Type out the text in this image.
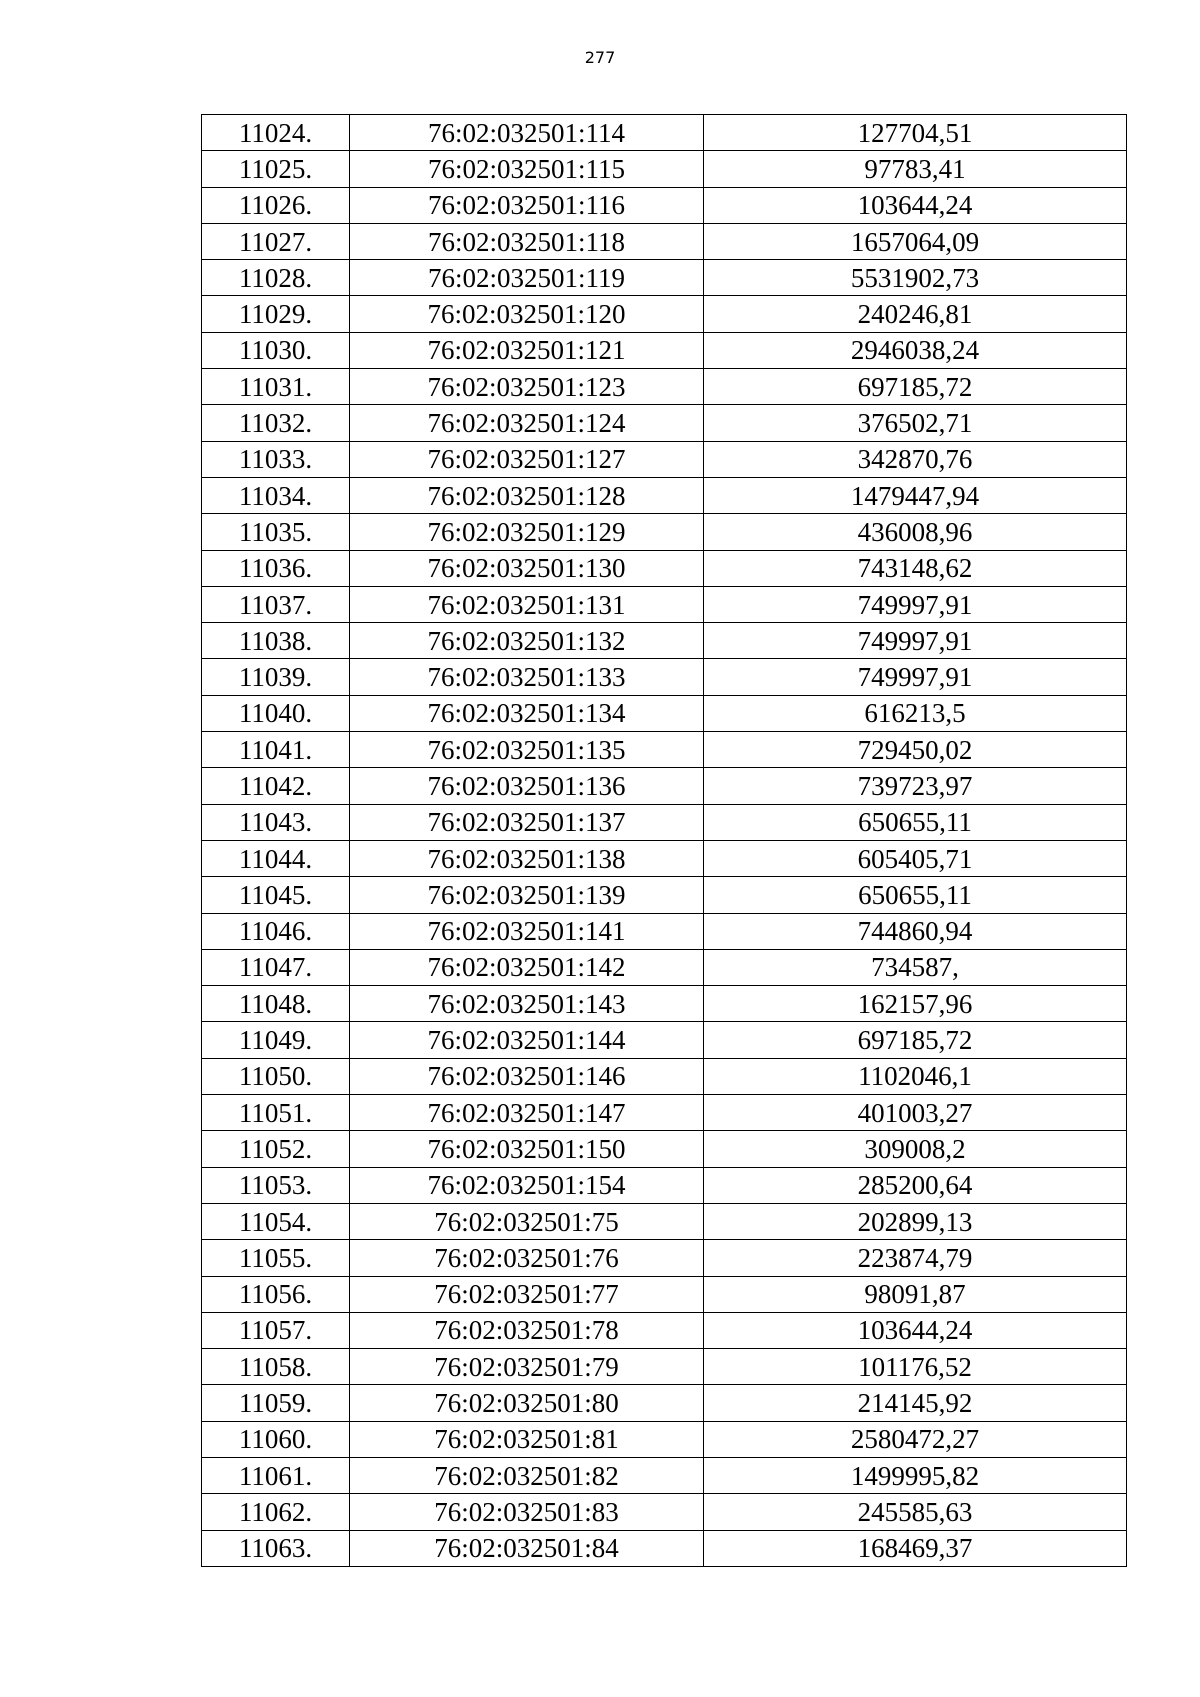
277
11024.	76:02:032501:114	127704,51
11025.	76:02:032501:115	97783,41
11026.	76:02:032501:116	103644,24
11027.	76:02:032501:118	1657064,09
11028.	76:02:032501:119	5531902,73
11029.	76:02:032501:120	240246,81
11030.	76:02:032501:121	2946038,24
11031.	76:02:032501:123	697185,72
11032.	76:02:032501:124	376502,71
11033.	76:02:032501:127	342870,76
11034.	76:02:032501:128	1479447,94
11035.	76:02:032501:129	436008,96
11036.	76:02:032501:130	743148,62
11037.	76:02:032501:131	749997,91
11038.	76:02:032501:132	749997,91
11039.	76:02:032501:133	749997,91
11040.	76:02:032501:134	616213,5
11041.	76:02:032501:135	729450,02
11042.	76:02:032501:136	739723,97
11043.	76:02:032501:137	650655,11
11044.	76:02:032501:138	605405,71
11045.	76:02:032501:139	650655,11
11046.	76:02:032501:141	744860,94
11047.	76:02:032501:142	734587,
11048.	76:02:032501:143	162157,96
11049.	76:02:032501:144	697185,72
11050.	76:02:032501:146	1102046,1
11051.	76:02:032501:147	401003,27
11052.	76:02:032501:150	309008,2
11053.	76:02:032501:154	285200,64
11054.	76:02:032501:75	202899,13
11055.	76:02:032501:76	223874,79
11056.	76:02:032501:77	98091,87
11057.	76:02:032501:78	103644,24
11058.	76:02:032501:79	101176,52
11059.	76:02:032501:80	214145,92
11060.	76:02:032501:81	2580472,27
11061.	76:02:032501:82	1499995,82
11062.	76:02:032501:83	245585,63
11063.	76:02:032501:84	168469,37
